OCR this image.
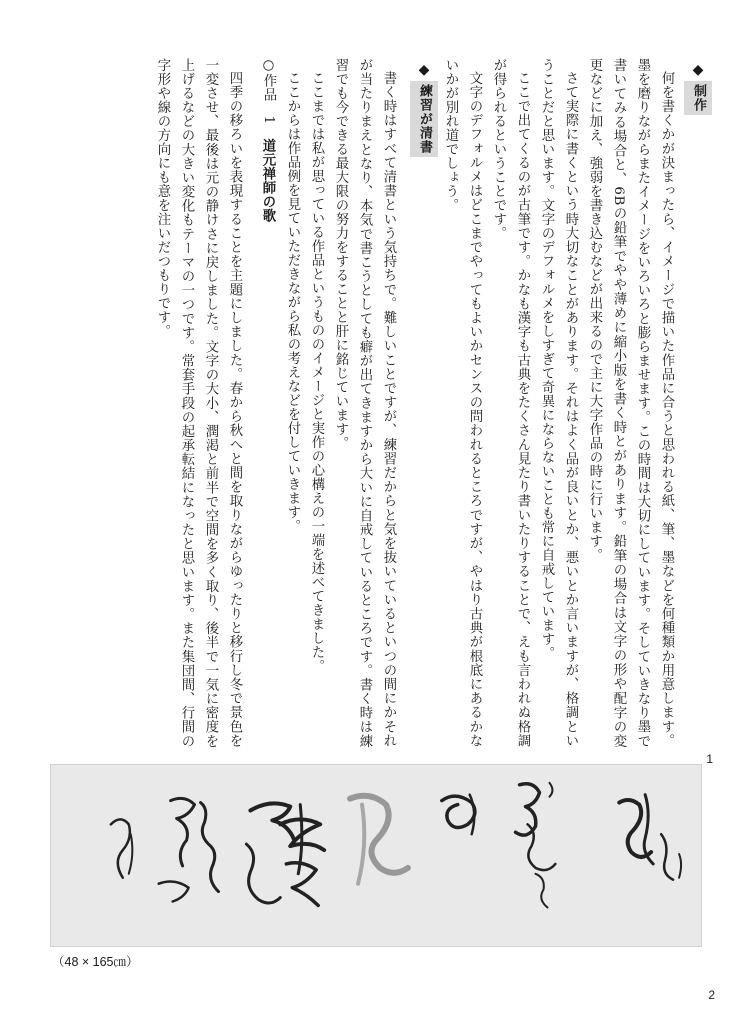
◆制作

何を書くかが決まったら、イメージで描いた作品に合うと思われる紙、筆、墨などを何種類か用意します。墨を磨りながらまたイメージをいろいろと膨らませます。この時間は大切にしています。そしていきなり墨で書いてみる場合と、6Bの鉛筆でやや薄めに縮小版を書く時とがあります。鉛筆の場合は文字の形や配字の変更などに加え、強弱を書き込むなどが出来るので主に大字作品の時に行います。

さて実際に書くという時大切なことがあります。それはよく品が良いとか、悪いとか言いますが、格調ということだと思います。文字のデフォルメをしすぎて奇異にならないことも常に自戒しています。

ここで出てくるのが古筆です。かなも漢字も古典をたくさん見たり書いたりすることで、えも言われぬ格調が得られるということです。

文字のデフォルメはどこまでやってもよいかセンスの問われるところですが、やはり古典が根底にあるかないかが別れ道でしょう。

◆練習が清書

書く時はすべて清書という気持ちで。難しいことですが、練習だからと気を抜いているといつの間にかそれが当たりまえとなり、本気で書こうとしても癖が出てきますから大いに自戒しているところです。書く時は練習でも今できる最大限の努力をすることと肝に銘じています。

ここまでは私が思っている作品というもののイメージと実作の心構えの一端を述べてきました。

ここからは作品例を見ていただきながら私の考えなどを付していきます。

○作品　1　道元禅師の歌

四季の移ろいを表現することを主題にしました。春から秋へと間を取りながらゆったりと移行し冬で景色を一変させ、最後は元の静けさに戻しました。文字の大小、潤渇と前半で空間を多く取り、後半で一気に密度を上げるなどの大きい変化もテーマの一つです。常套手段の起承転結になったと思います。また集団間、行間の字形や線の方向にも意を注いだつもりです。

1
（48 × 165㎝）
2
